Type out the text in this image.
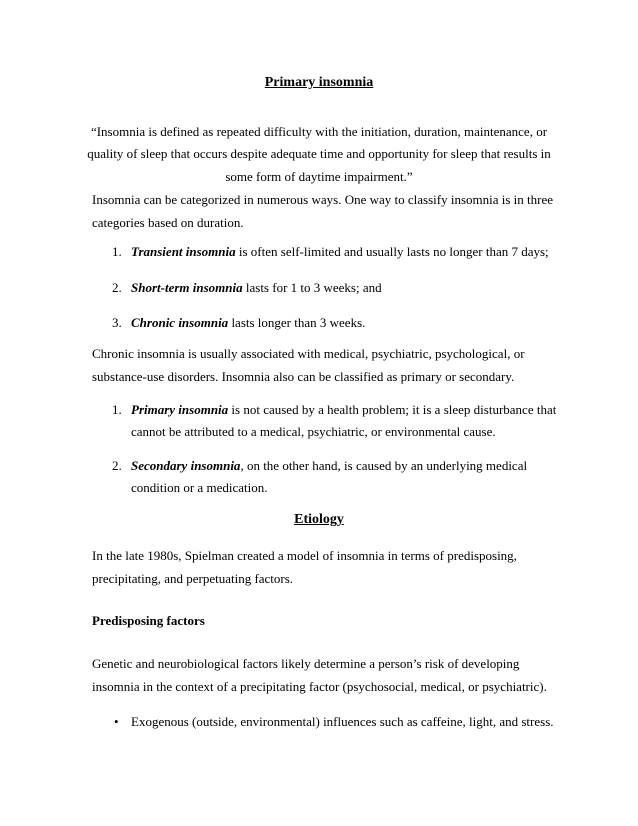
Primary insomnia
“Insomnia is defined as repeated difficulty with the initiation, duration, maintenance, or
quality of sleep that occurs despite adequate time and opportunity for sleep that results in
some form of daytime impairment.”
Insomnia can be categorized in numerous ways. One way to classify insomnia is in three
categories based on duration.
1. Transient insomnia is often self-limited and usually lasts no longer than 7 days;
2. Short-term insomnia lasts for 1 to 3 weeks; and
3. Chronic insomnia lasts longer than 3 weeks.
Chronic insomnia is usually associated with medical, psychiatric, psychological, or
substance-use disorders. Insomnia also can be classified as primary or secondary.
1. Primary insomnia is not caused by a health problem; it is a sleep disturbance that
cannot be attributed to a medical, psychiatric, or environmental cause.
2. Secondary insomnia, on the other hand, is caused by an underlying medical
condition or a medication.
Etiology
In the late 1980s, Spielman created a model of insomnia in terms of predisposing,
precipitating, and perpetuating factors.
Predisposing factors
Genetic and neurobiological factors likely determine a person’s risk of developing
insomnia in the context of a precipitating factor (psychosocial, medical, or psychiatric).
• Exogenous (outside, environmental) influences such as caffeine, light, and stress.
